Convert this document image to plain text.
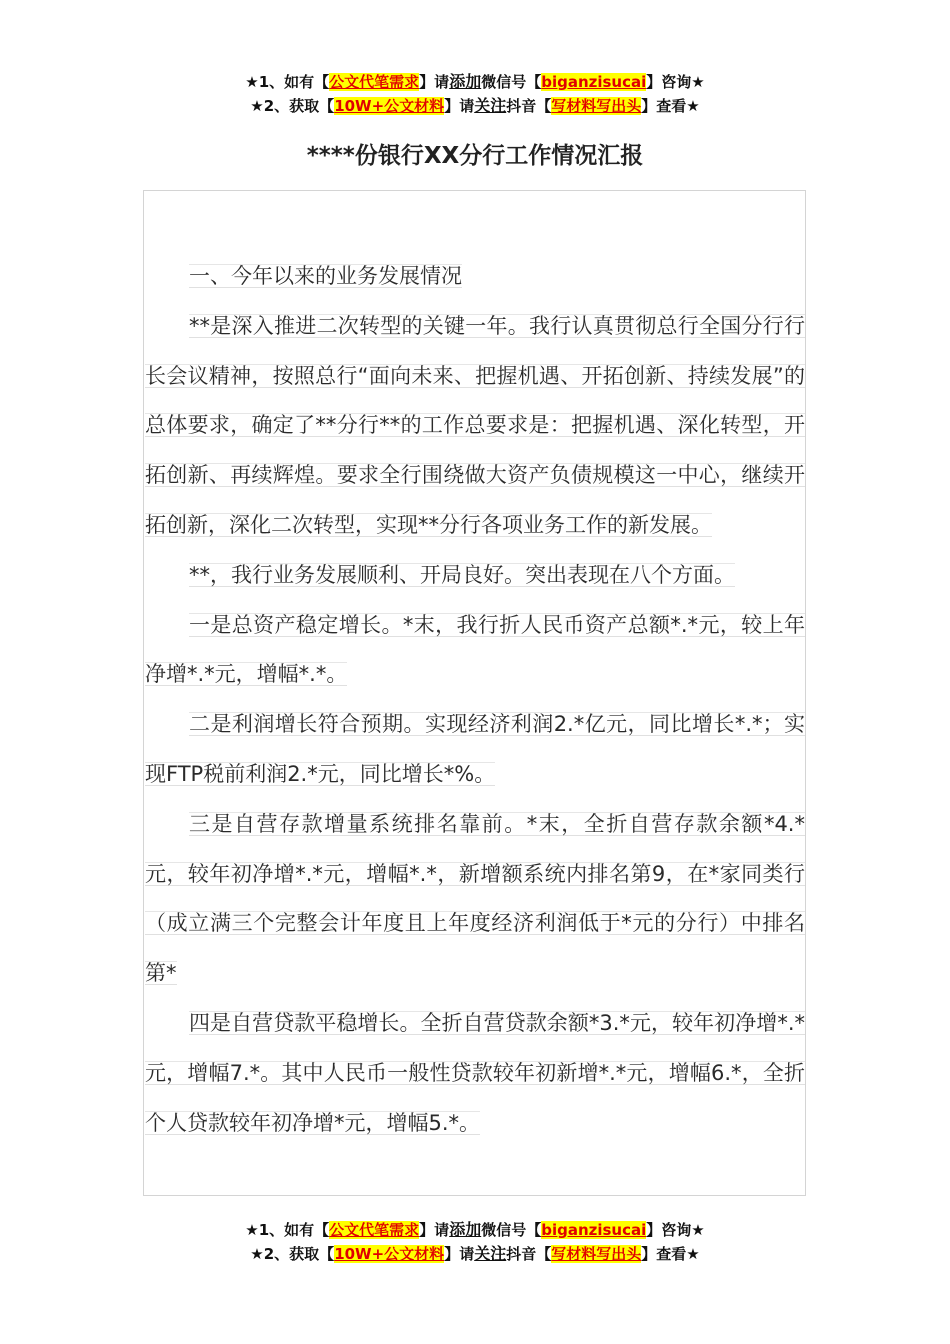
★1、如有【公文代笔需求】请添加微信号【biganzisucai】咨询★
★2、获取【10W+公文材料】请关注抖音【写材料写出头】查看★
****份银行XX分行工作情况汇报

一、今年以来的业务发展情况

**是深入推进二次转型的关键一年。我行认真贯彻总行全国分行行长会议精神，按照总行“面向未来、把握机遇、开拓创新、持续发展”的总体要求，确定了**分行**的工作总要求是：把握机遇、深化转型，开拓创新、再续辉煌。要求全行围绕做大资产负债规模这一中心，继续开拓创新，深化二次转型，实现**分行各项业务工作的新发展。

**，我行业务发展顺利、开局良好。突出表现在八个方面。

一是总资产稳定增长。*末，我行折人民币资产总额*.*元，较上年净增*.*元，增幅*.*。

二是利润增长符合预期。实现经济利润2.*亿元，同比增长*.*；实现FTP税前利润2.*元，同比增长*%。

三是自营存款增量系统排名靠前。*末，全折自营存款余额*4.*元，较年初净增*.*元，增幅*.*，新增额系统内排名第9，在*家同类行（成立满三个完整会计年度且上年度经济利润低于*元的分行）中排名第*

四是自营贷款平稳增长。全折自营贷款余额*3.*元，较年初净增*.*元，增幅7.*。其中人民币一般性贷款较年初新增*.*元，增幅6.*，全折个人贷款较年初净增*元，增幅5.*。

★1、如有【公文代笔需求】请添加微信号【biganzisucai】咨询★
★2、获取【10W+公文材料】请关注抖音【写材料写出头】查看★
